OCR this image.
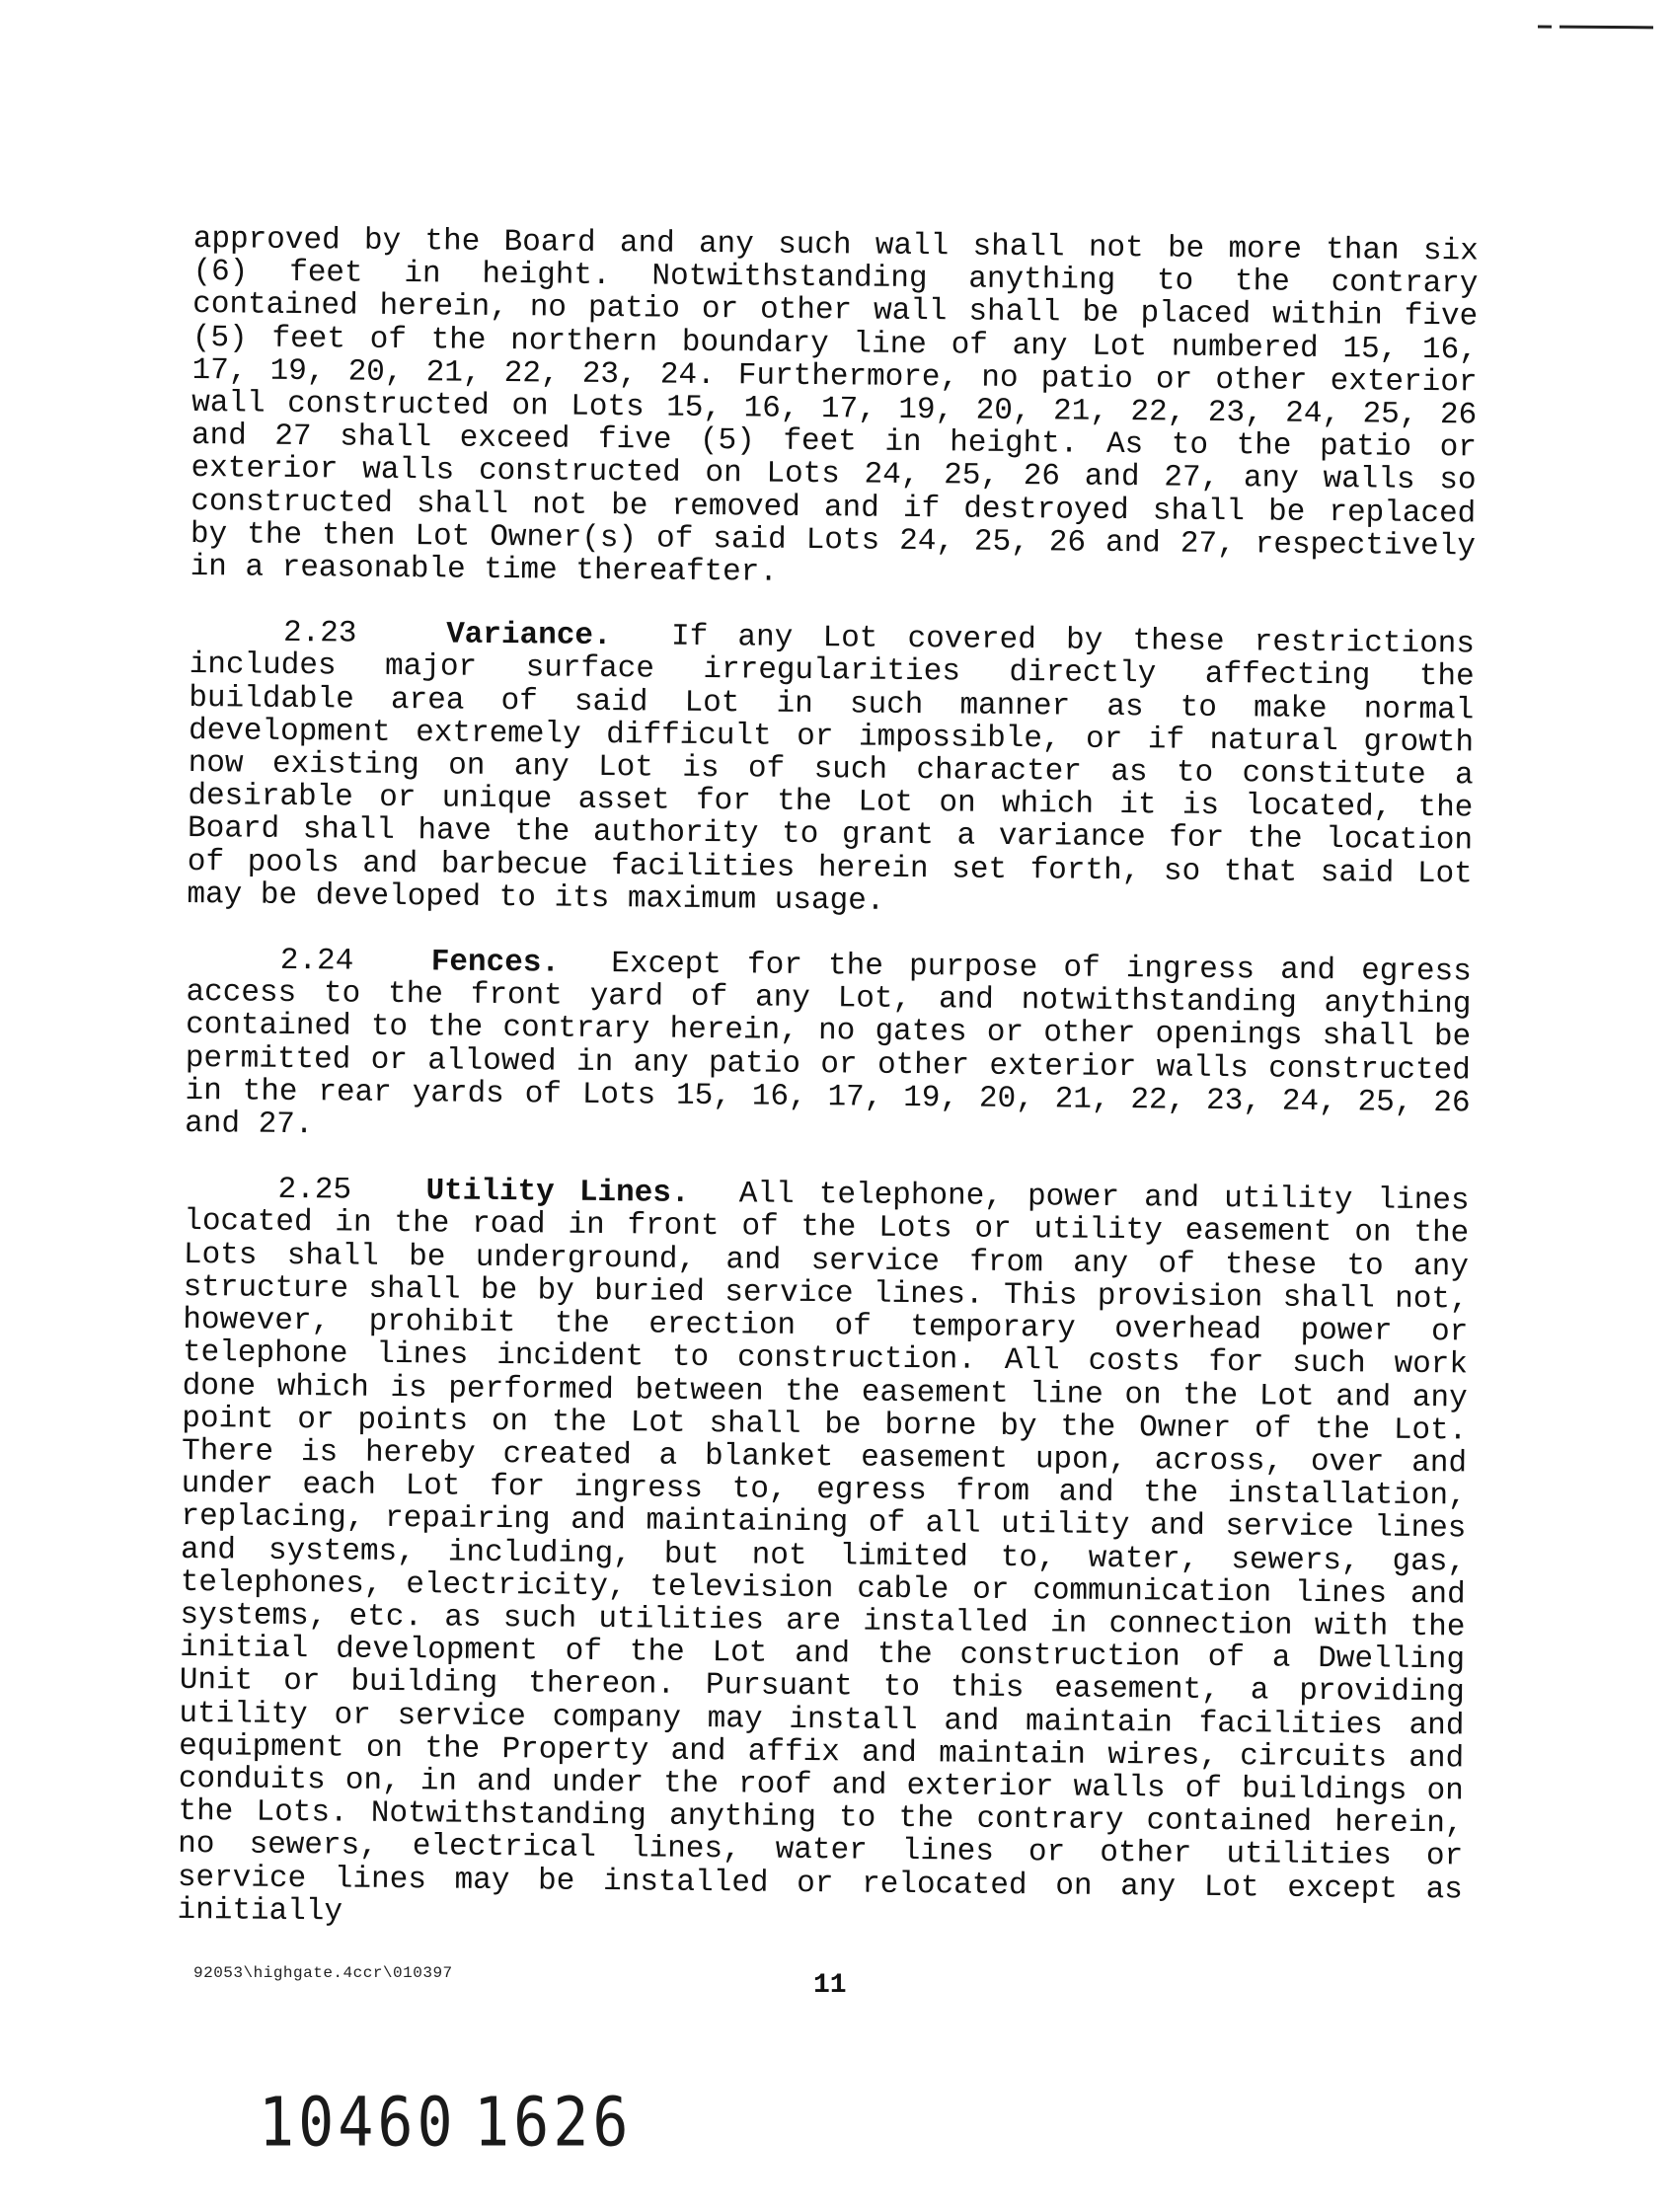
approved by the Board and any such wall shall not be more than six (6) feet in height. Notwithstanding anything to the contrary contained herein, no patio or other wall shall be placed within five (5) feet of the northern boundary line of any Lot numbered 15, 16, 17, 19, 20, 21, 22, 23, 24. Furthermore, no patio or other exterior wall constructed on Lots 15, 16, 17, 19, 20, 21, 22, 23, 24, 25, 26 and 27 shall exceed five (5) feet in height. As to the patio or exterior walls constructed on Lots 24, 25, 26 and 27, any walls so constructed shall not be removed and if destroyed shall be replaced by the then Lot Owner(s) of said Lots 24, 25, 26 and 27, respectively in a reasonable time thereafter.

2.23	Variance. If any Lot covered by these restrictions includes major surface irregularities directly affecting the buildable area of said Lot in such manner as to make normal development extremely difficult or impossible, or if natural growth now existing on any Lot is of such character as to constitute a desirable or unique asset for the Lot on which it is located, the Board shall have the authority to grant a variance for the location of pools and barbecue facilities herein set forth, so that said Lot may be developed to its maximum usage.

2.24	Fences. Except for the purpose of ingress and egress access to the front yard of any Lot, and notwithstanding anything contained to the contrary herein, no gates or other openings shall be permitted or allowed in any patio or other exterior walls constructed in the rear yards of Lots 15, 16, 17, 19, 20, 21, 22, 23, 24, 25, 26 and 27.

2.25 Utility Lines. All telephone, power and utility lines located in the road in front of the Lots or utility easement on the Lots shall be underground, and service from any of these to any structure shall be by buried service lines. This provision shall not, however, prohibit the erection of temporary overhead power or telephone lines incident to construction. All costs for such work done which is performed between the easement line on the Lot and any point or points on the Lot shall be borne by the Owner of the Lot. There is hereby created a blanket easement upon, across, over and under each Lot for ingress to, egress from and the installation, replacing, repairing and maintaining of all utility and service lines and systems, including, but not limited to, water, sewers, gas, telephones, electricity, television cable or communication lines and systems, etc. as such utilities are installed in connection with the initial development of the Lot and the construction of a Dwelling Unit or building thereon. Pursuant to this easement, a providing utility or service company may install and maintain facilities and equipment on the Property and affix and maintain wires, circuits and conduits on, in and under the roof and exterior walls of buildings on the Lots. Notwithstanding anything to the contrary contained herein, no sewers, electrical lines, water lines or other utilities or service lines may be installed or relocated on any Lot except as initially

92053\highgate.4ccr\010397	11
10460 1626
